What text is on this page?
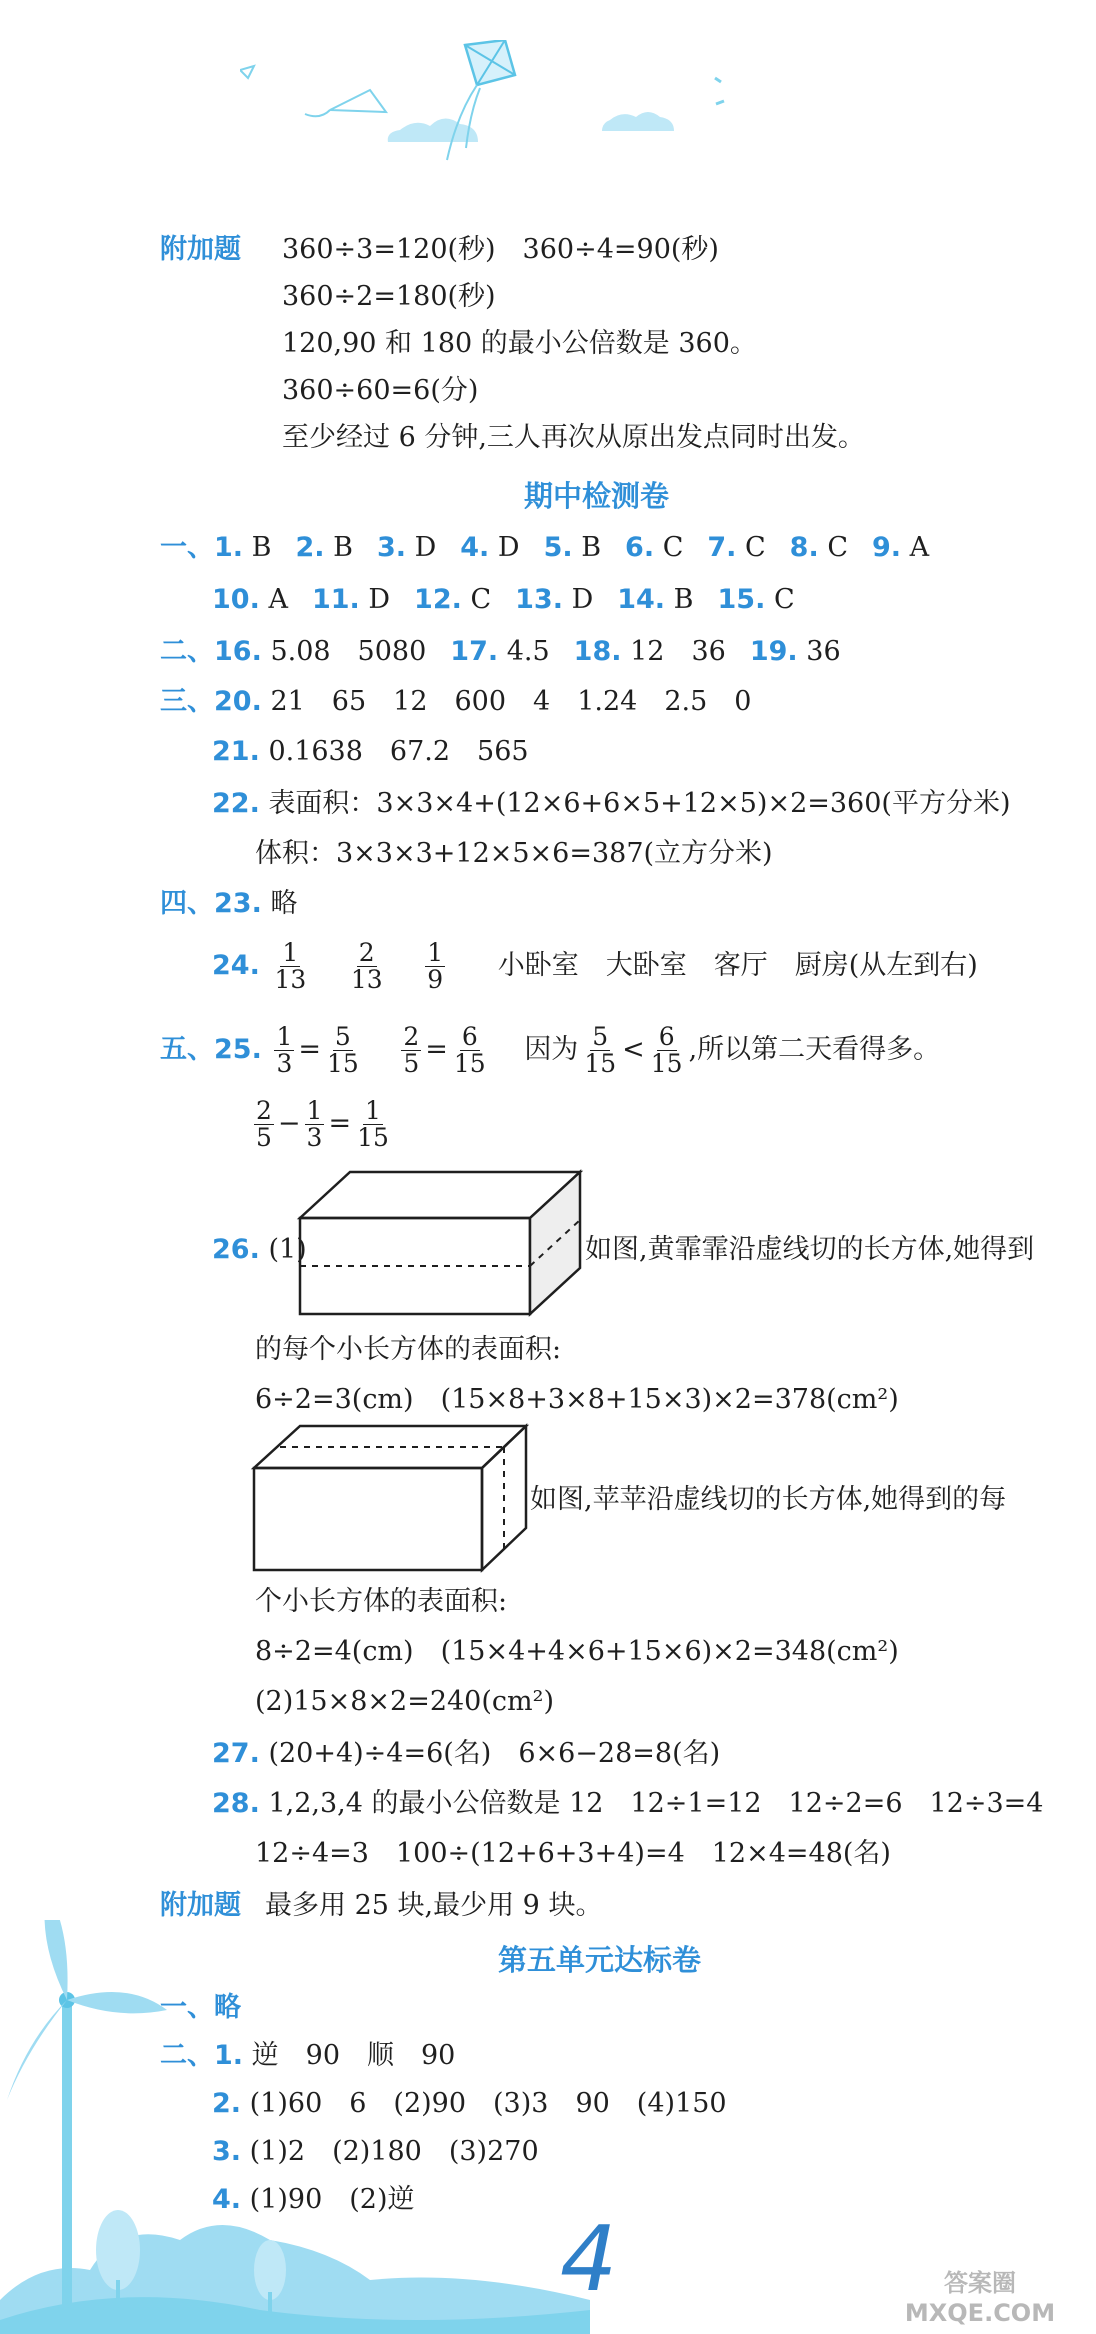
附加题 360÷3=120(秒)　360÷4=90(秒)
360÷2=180(秒)
120,90 和 180 的最小公倍数是 360。
360÷60=6(分)
至少经过 6 分钟,三人再次从原出发点同时出发。
期中检测卷
一、1. B 2. B 3. D 4. D 5. B 6. C 7. C 8. C 9. A
10. A 11. D 12. C 13. D 14. B 15. C
二、16. 5.08　5080 17. 4.5 18. 12　36 19. 36
三、20. 21　65　12　600　4　1.24　2.5　0
21. 0.1638　67.2　565
22. 表面积：3×3×4+(12×6+6×5+12×5)×2=360(平方分米)
体积：3×3×3+12×5×6=387(立方分米)
四、23. 略
24. $\frac{1}{13}$
$\frac{2}{13}$
$\frac{1}{9}$ 小卧室　大卧室　客厅　厨房(从左到右)
五、25. $\frac{1}{3} = \frac{5}{15}$
$\frac{2}{5} = \frac{6}{15}$ 因为 $\frac{5}{15} < \frac{6}{15}$ ,所以第二天看得多。
$\frac{2}{5} - \frac{1}{3} = \frac{1}{15}$
26. (1)	如图,黄霏霏沿虚线切的长方体,她得到
的每个小长方体的表面积:
6÷2=3(cm)　(15×8+3×8+15×3)×2=378(cm²)
如图,苹苹沿虚线切的长方体,她得到的每
个小长方体的表面积:
8÷2=4(cm)　(15×4+4×6+15×6)×2=348(cm²)
(2)15×8×2=240(cm²)
27. (20+4)÷4=6(名)　6×6−28=8(名)
28. 1,2,3,4 的最小公倍数是 12　12÷1=12　12÷2=6　12÷3=4
12÷4=3　100÷(12+6+3+4)=4　12×4=48(名)
附加题 最多用 25 块,最少用 9 块。
第五单元达标卷
一、略
二、1. 逆　90　顺　90
2. (1)60　6　(2)90　(3)3　90　(4)150
3. (1)2　(2)180　(3)270
4. (1)90　(2)逆
4	答案圈 MXQE.COM
